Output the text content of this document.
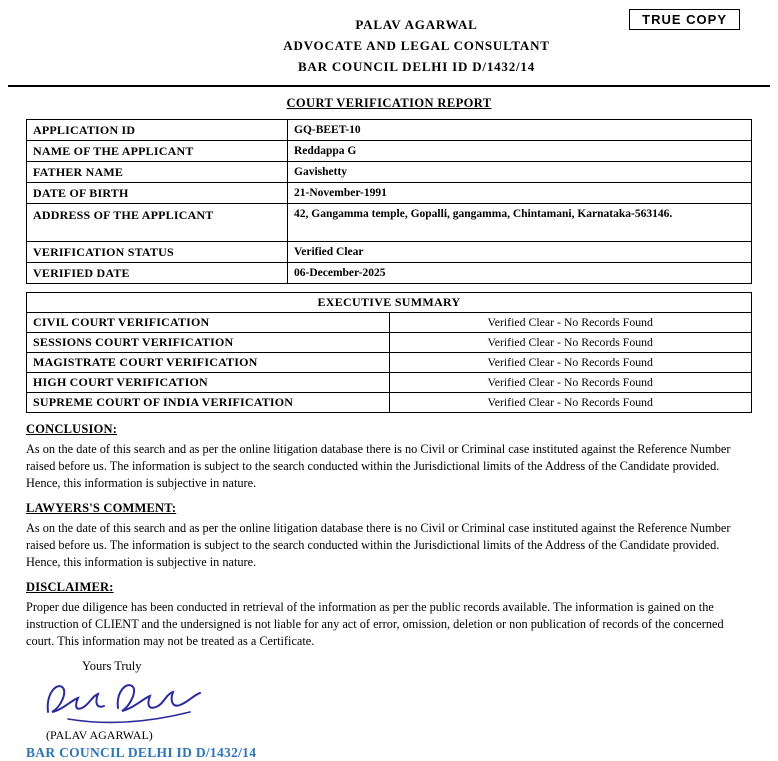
PALAV AGARWAL
ADVOCATE AND LEGAL CONSULTANT
BAR COUNCIL DELHI ID D/1432/14
TRUE COPY
COURT VERIFICATION REPORT
APPLICATION ID	GQ-BEET-10
NAME OF THE APPLICANT	Reddappa G
FATHER NAME	Gavishetty
DATE OF BIRTH	21-November-1991
ADDRESS OF THE APPLICANT	42, Gangamma temple, Gopalli, gangamma, Chintamani, Karnataka-563146.
VERIFICATION STATUS	Verified Clear
VERIFIED DATE	06-December-2025
EXECUTIVE SUMMARY	
CIVIL COURT VERIFICATION	Verified Clear - No Records Found
SESSIONS COURT VERIFICATION	Verified Clear - No Records Found
MAGISTRATE COURT VERIFICATION	Verified Clear - No Records Found
HIGH COURT VERIFICATION	Verified Clear - No Records Found
SUPREME COURT OF INDIA VERIFICATION	Verified Clear - No Records Found
CONCLUSION:
As on the date of this search and as per the online litigation database there is no Civil or Criminal case instituted against the Reference Number raised before us. The information is subject to the search conducted within the Jurisdictional limits of the Address of the Candidate provided. Hence, this information is subjective in nature.
LAWYERS'S COMMENT:
As on the date of this search and as per the online litigation database there is no Civil or Criminal case instituted against the Reference Number raised before us. The information is subject to the search conducted within the Jurisdictional limits of the Address of the Candidate provided. Hence, this information is subjective in nature.
DISCLAIMER:
Proper due diligence has been conducted in retrieval of the information as per the public records available. The information is gained on the instruction of CLIENT and the undersigned is not liable for any act of error, omission, deletion or non publication of records of the concerned court. This information may not be treated as a Certificate.
Yours Truly
(PALAV AGARWAL)
BAR COUNCIL DELHI ID D/1432/14
